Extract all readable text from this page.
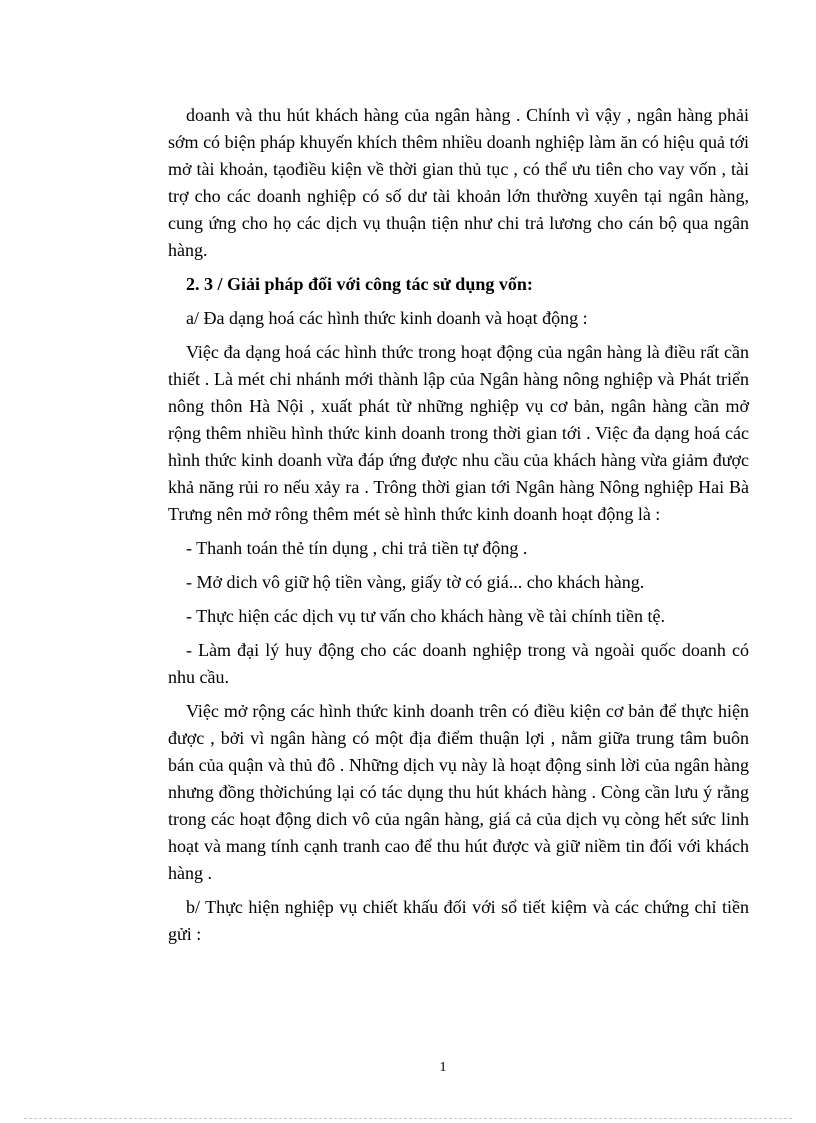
doanh và thu hút khách hàng của ngân hàng . Chính vì vậy , ngân hàng phải sớm có biện pháp khuyến khích thêm nhiều doanh nghiệp làm ăn có hiệu quả tới mở tài khoản, tạođiều kiện về thời gian thủ tục , có thể ưu tiên cho vay vốn , tài trợ cho các doanh nghiệp có số dư tài khoản lớn thường xuyên tại ngân hàng, cung ứng cho họ các dịch vụ thuận tiện như chi trả lương cho cán bộ qua ngân hàng.

2. 3 / Giải pháp đối với công tác sử dụng vốn:

a/ Đa dạng hoá các hình thức kinh doanh và hoạt động :

Việc đa dạng hoá các hình thức trong hoạt động của ngân hàng là điều rất cần thiết . Là mét chi nhánh mới thành lập của Ngân hàng nông nghiệp và Phát triển nông thôn Hà Nội , xuất phát từ những nghiệp vụ cơ bản, ngân hàng cần mở rộng thêm nhiều hình thức kinh doanh trong thời gian tới . Việc đa dạng hoá các hình thức kinh doanh vừa đáp ứng được nhu cầu của khách hàng vừa giảm được khả năng rủi ro nếu xảy ra . Trông thời gian tới Ngân hàng Nông nghiệp Hai Bà Trưng nên mở rông thêm mét sè hình thức kinh doanh hoạt động là :

- Thanh toán thẻ tín dụng , chi trả tiền tự động .

- Mở dich vô giữ hộ tiền vàng, giấy tờ có giá... cho khách hàng.

- Thực hiện các dịch vụ tư vấn cho khách hàng về tài chính tiền tệ.

- Làm đại lý huy động cho các doanh nghiệp trong và ngoài quốc doanh có nhu cầu.

Việc mở rộng các hình thức kinh doanh trên có điều kiện cơ bản để thực hiện được , bởi vì ngân hàng có một địa điểm thuận lợi , nằm giữa trung tâm buôn bán của quận và thủ đô . Những dịch vụ này là hoạt động sinh lời của ngân hàng nhưng đồng thờichúng lại có tác dụng thu hút khách hàng . Còng cần lưu ý rằng trong các hoạt động dich vô của ngân hàng, giá cả của dịch vụ còng hết sức linh hoạt và mang tính cạnh tranh cao để thu hút được và giữ niềm tin đối với khách hàng .

b/ Thực hiện nghiệp vụ chiết khấu đối với sổ tiết kiệm và các chứng chỉ tiền gửi :

1
